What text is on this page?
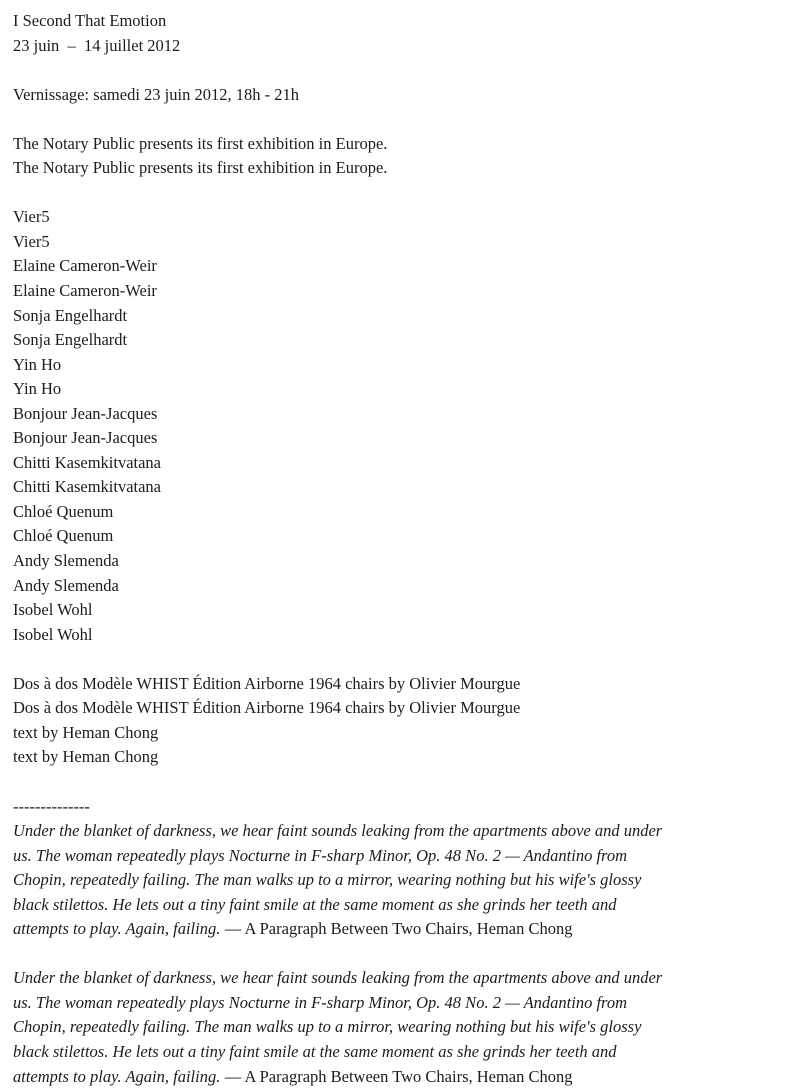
I Second That Emotion
23 juin  –  14 juillet 2012
Vernissage: samedi 23 juin 2012, 18h - 21h
The Notary Public presents its first exhibition in Europe.
The Notary Public presents its first exhibition in Europe.
Vier5
Vier5
Elaine Cameron-Weir
Elaine Cameron-Weir
Sonja Engelhardt
Sonja Engelhardt
Yin Ho
Yin Ho
Bonjour Jean-Jacques
Bonjour Jean-Jacques
Chitti Kasemkitvatana
Chitti Kasemkitvatana
Chloé Quenum
Chloé Quenum
Andy Slemenda
Andy Slemenda
Isobel Wohl
Isobel Wohl
Dos à dos Modèle WHIST Édition Airborne 1964 chairs by Olivier Mourgue
Dos à dos Modèle WHIST Édition Airborne 1964 chairs by Olivier Mourgue
text by Heman Chong
text by Heman Chong
--------------
Under the blanket of darkness, we hear faint sounds leaking from the apartments above and under
us. The woman repeatedly plays Nocturne in F-sharp Minor, Op. 48 No. 2 — Andantino from
Chopin, repeatedly failing. The man walks up to a mirror, wearing nothing but his wife's glossy
black stilettos. He lets out a tiny faint smile at the same moment as she grinds her teeth and
attempts to play. Again, failing. — A Paragraph Between Two Chairs, Heman Chong
Under the blanket of darkness, we hear faint sounds leaking from the apartments above and under
us. The woman repeatedly plays Nocturne in F-sharp Minor, Op. 48 No. 2 — Andantino from
Chopin, repeatedly failing. The man walks up to a mirror, wearing nothing but his wife's glossy
black stilettos. He lets out a tiny faint smile at the same moment as she grinds her teeth and
attempts to play. Again, failing. — A Paragraph Between Two Chairs, Heman Chong
